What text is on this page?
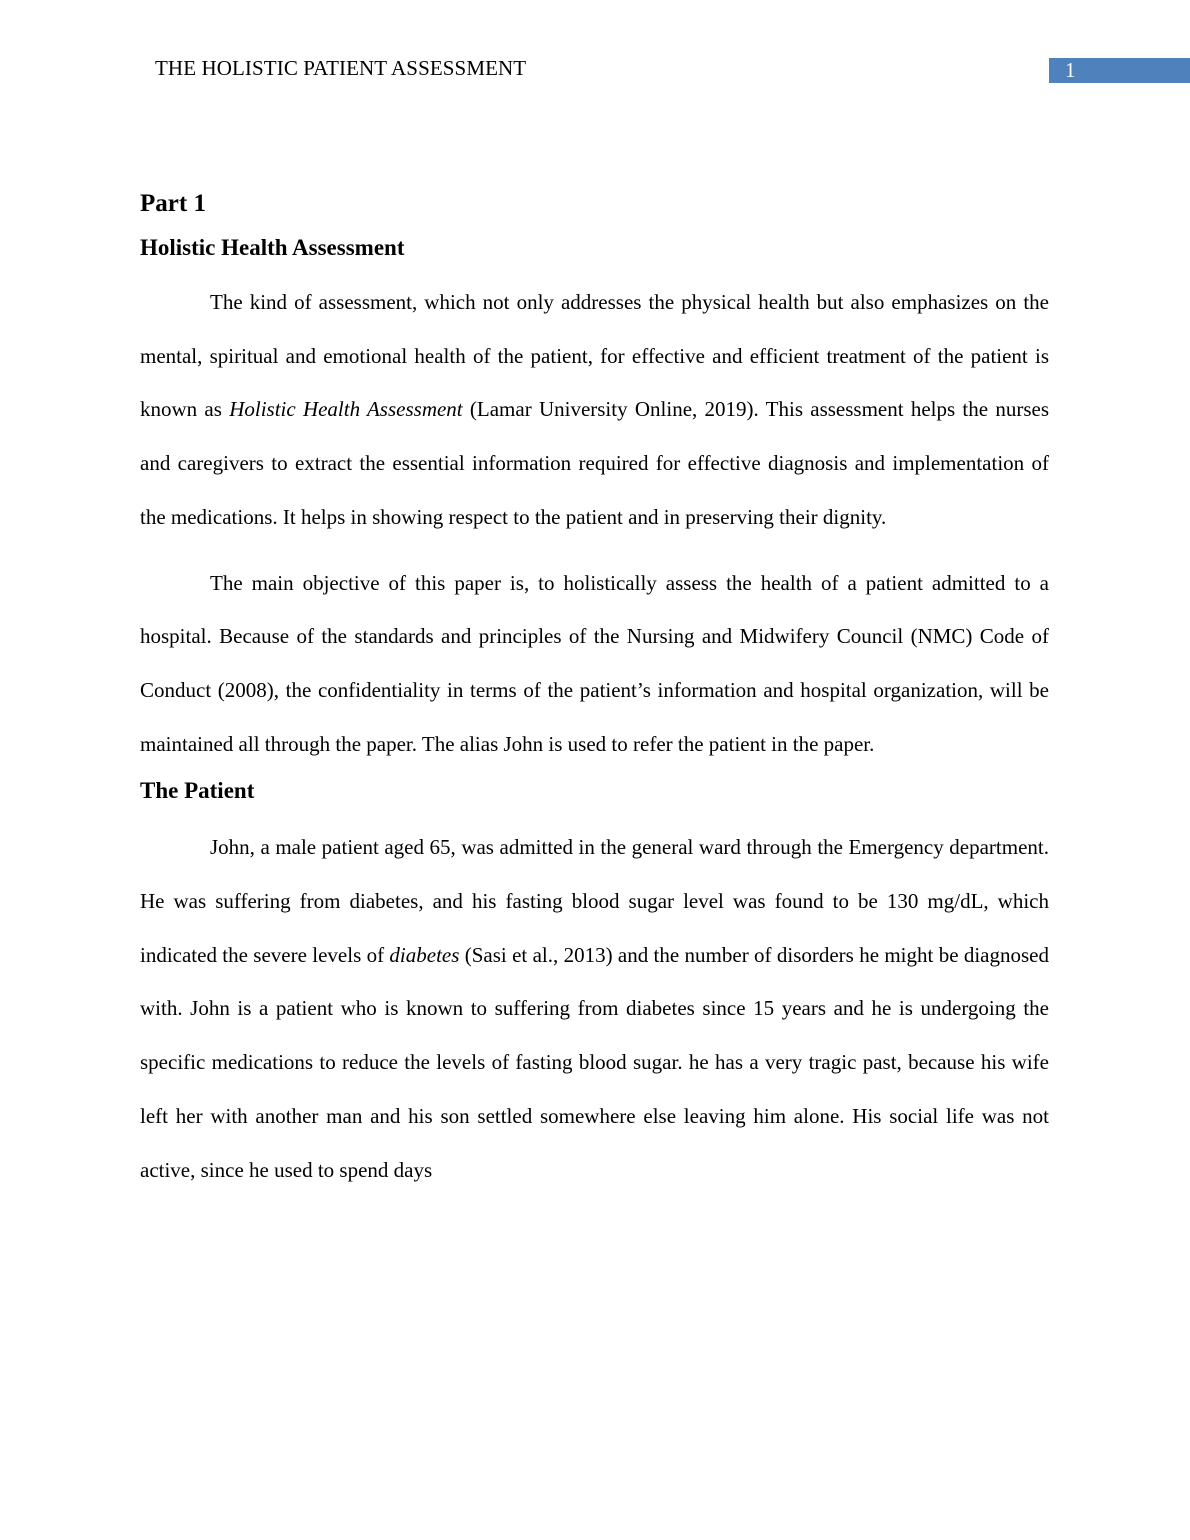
THE HOLISTIC PATIENT ASSESSMENT	1
Part 1
Holistic Health Assessment

The kind of assessment, which not only addresses the physical health but also emphasizes on the mental, spiritual and emotional health of the patient, for effective and efficient treatment of the patient is known as Holistic Health Assessment (Lamar University Online, 2019). This assessment helps the nurses and caregivers to extract the essential information required for effective diagnosis and implementation of the medications. It helps in showing respect to the patient and in preserving their dignity.

The main objective of this paper is, to holistically assess the health of a patient admitted to a hospital. Because of the standards and principles of the Nursing and Midwifery Council (NMC) Code of Conduct (2008), the confidentiality in terms of the patient’s information and hospital organization, will be maintained all through the paper. The alias John is used to refer the patient in the paper.

The Patient

John, a male patient aged 65, was admitted in the general ward through the Emergency department. He was suffering from diabetes, and his fasting blood sugar level was found to be 130 mg/dL, which indicated the severe levels of diabetes (Sasi et al., 2013) and the number of disorders he might be diagnosed with. John is a patient who is known to suffering from diabetes since 15 years and he is undergoing the specific medications to reduce the levels of fasting blood sugar. he has a very tragic past, because his wife left her with another man and his son settled somewhere else leaving him alone. His social life was not active, since he used to spend days
